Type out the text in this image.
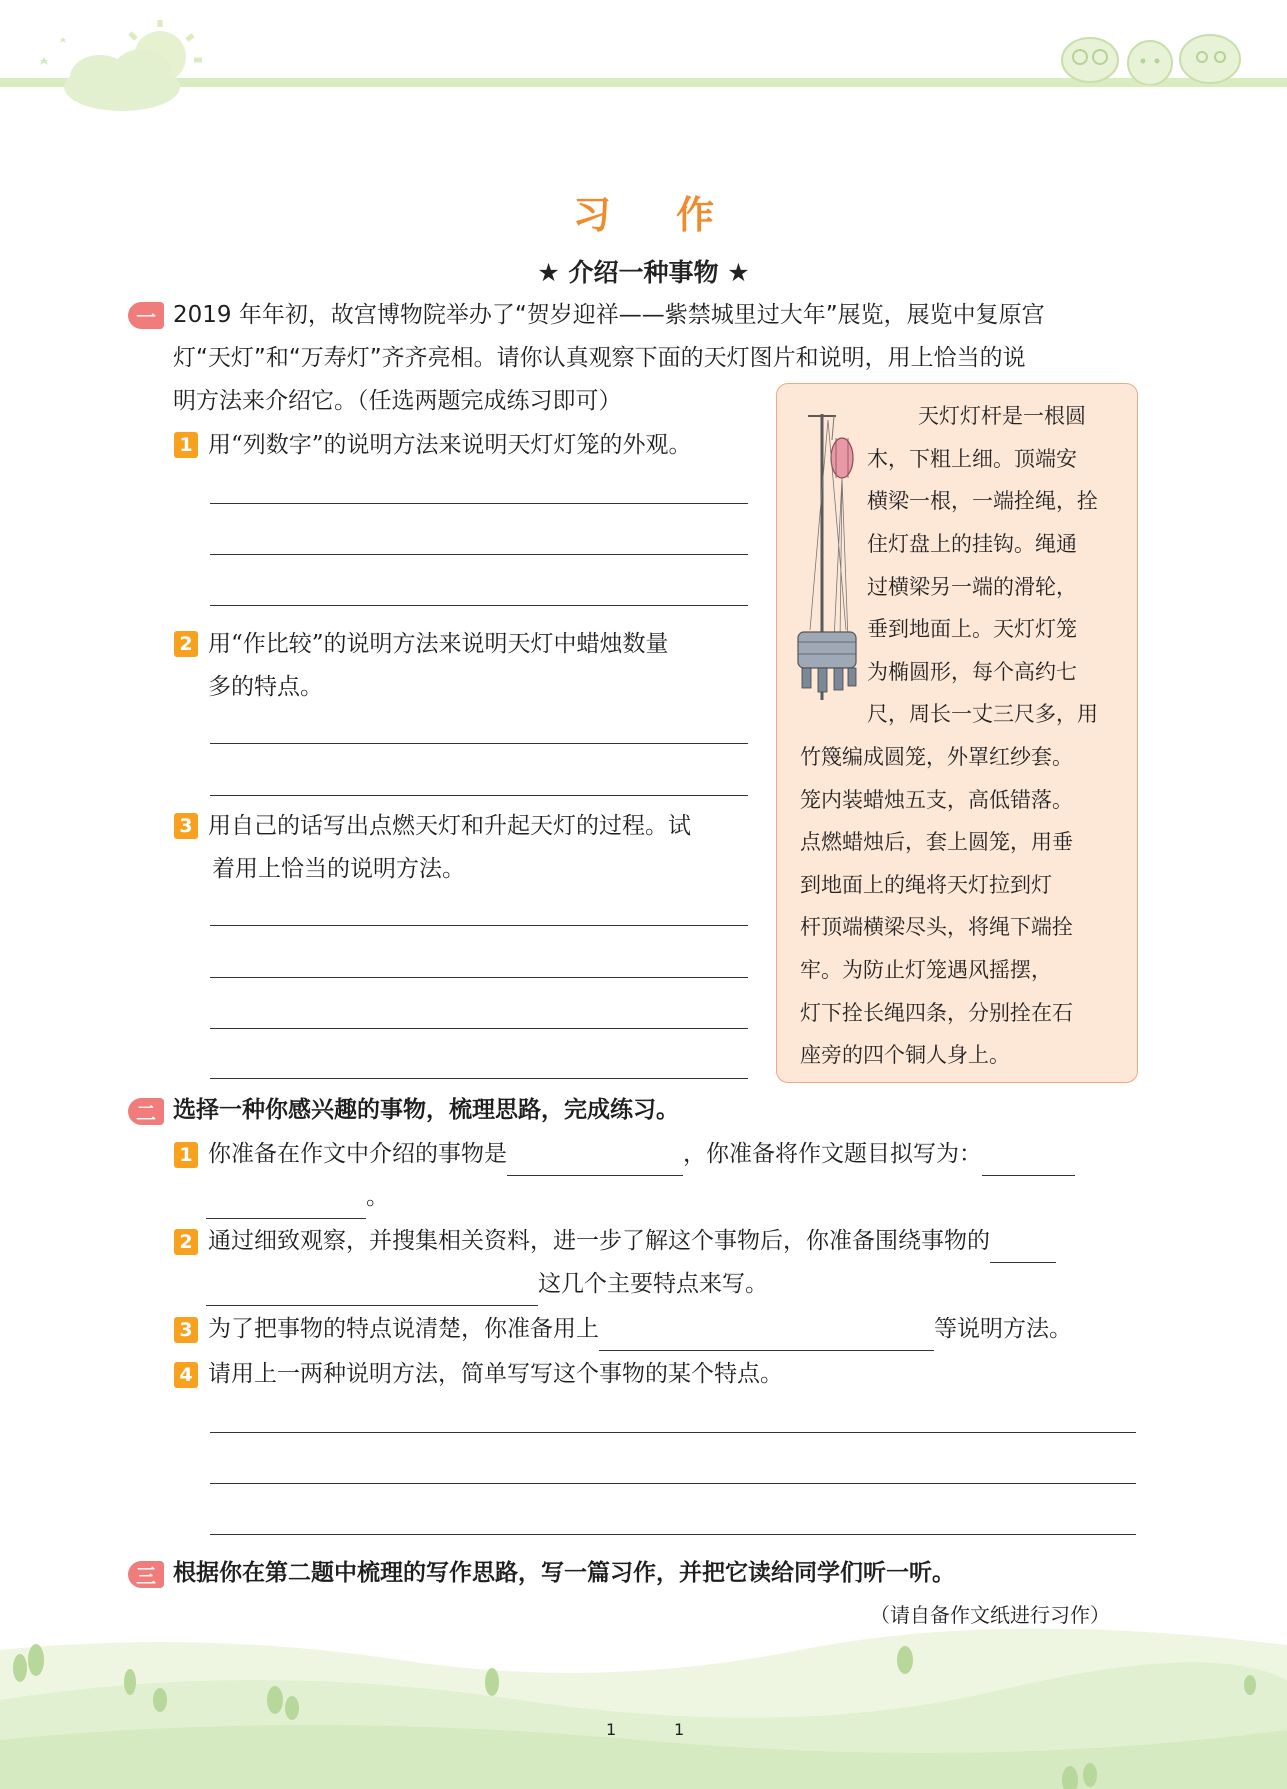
习 作
★ 介绍一种事物 ★
一 2019 年年初，故宫博物院举办了“贺岁迎祥——紫禁城里过大年”展览，展览中复原宫
灯“天灯”和“万寿灯”齐齐亮相。请你认真观察下面的天灯图片和说明，用上恰当的说
明方法来介绍它。（任选两题完成练习即可）
1 用“列数字”的说明方法来说明天灯灯笼的外观。
2 用“作比较”的说明方法来说明天灯中蜡烛数量
多的特点。
3 用自己的话写出点燃天灯和升起天灯的过程。试
着用上恰当的说明方法。
天灯灯杆是一根圆
木，下粗上细。顶端安
横梁一根，一端拴绳，拴
住灯盘上的挂钩。绳通
过横梁另一端的滑轮，
垂到地面上。天灯灯笼
为椭圆形，每个高约七
尺，周长一丈三尺多，用
竹篾编成圆笼，外罩红纱套。
笼内装蜡烛五支，高低错落。
点燃蜡烛后，套上圆笼，用垂
到地面上的绳将天灯拉到灯
杆顶端横梁尽头，将绳下端拴
牢。为防止灯笼遇风摇摆，
灯下拴长绳四条，分别拴在石
座旁的四个铜人身上。
二 选择一种你感兴趣的事物，梳理思路，完成练习。
1 你准备在作文中介绍的事物是	，你准备将作文题目拟写为：
。
2 通过细致观察，并搜集相关资料，进一步了解这个事物后，你准备围绕事物的
这几个主要特点来写。
3 为了把事物的特点说清楚，你准备用上	等说明方法。
4 请用上一两种说明方法，简单写写这个事物的某个特点。
三 根据你在第二题中梳理的写作思路，写一篇习作，并把它读给同学们听一听。
（请自备作文纸进行习作）
1	1
